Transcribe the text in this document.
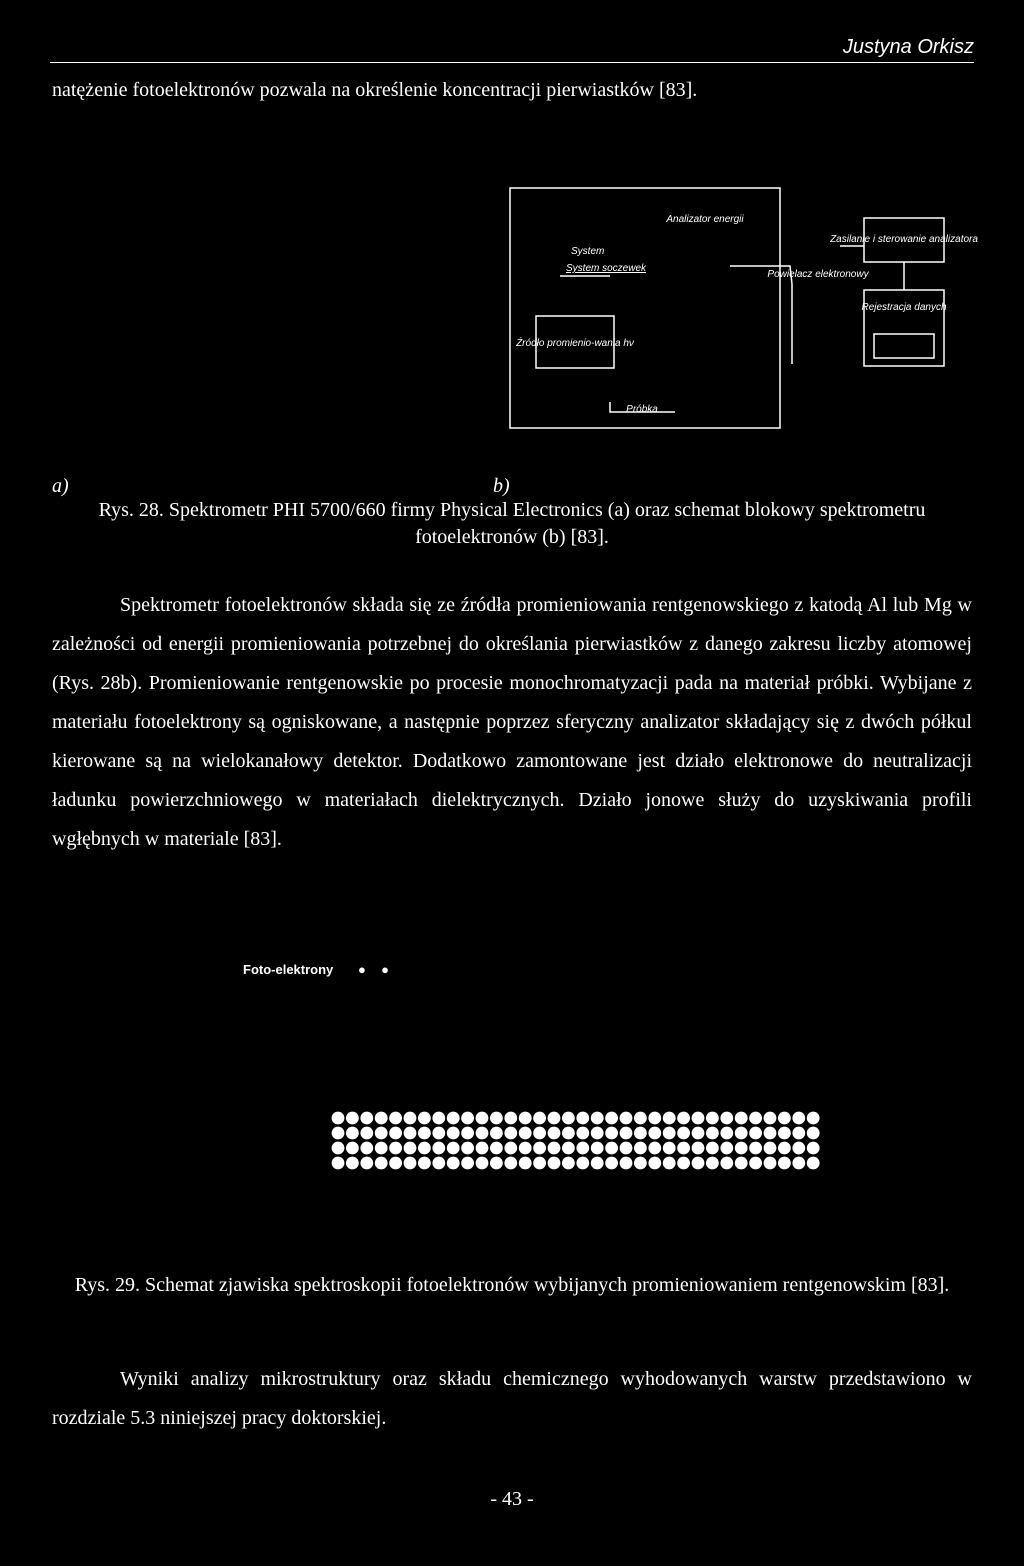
Justyna Orkisz
natężenie fotoelektronów pozwala na określenie koncentracji pierwiastków [83].
System System soczewek
Analizator energii
Powielacz elektronowy
Zasilanie i sterowanie analizatora
Rejestracja danych
Źródło promienio-wania hν
Próbka
a)	b)
Rys. 28. Spektrometr PHI 5700/660 firmy Physical Electronics (a) oraz schemat blokowy spektrometru fotoelektronów (b) [83].
Spektrometr fotoelektronów składa się ze źródła promieniowania rentgenowskiego z katodą Al lub Mg w zależności od energii promieniowania potrzebnej do określania pierwiastków z danego zakresu liczby atomowej (Rys. 28b). Promieniowanie rentgenowskie po procesie monochromatyzacji pada na materiał próbki. Wybijane z materiału fotoelektrony są ogniskowane, a następnie poprzez sferyczny analizator składający się z dwóch półkul kierowane są na wielokanałowy detektor. Dodatkowo zamontowane jest działo elektronowe do neutralizacji ładunku powierzchniowego w materiałach dielektrycznych. Działo jonowe służy do uzyskiwania profili wgłębnych w materiale [83].
Foto-elektrony ● ●
Rys. 29. Schemat zjawiska spektroskopii fotoelektronów wybijanych promieniowaniem rentgenowskim [83].
Wyniki analizy mikrostruktury oraz składu chemicznego wyhodowanych warstw przedstawiono w rozdziale 5.3 niniejszej pracy doktorskiej.
- 43 -
